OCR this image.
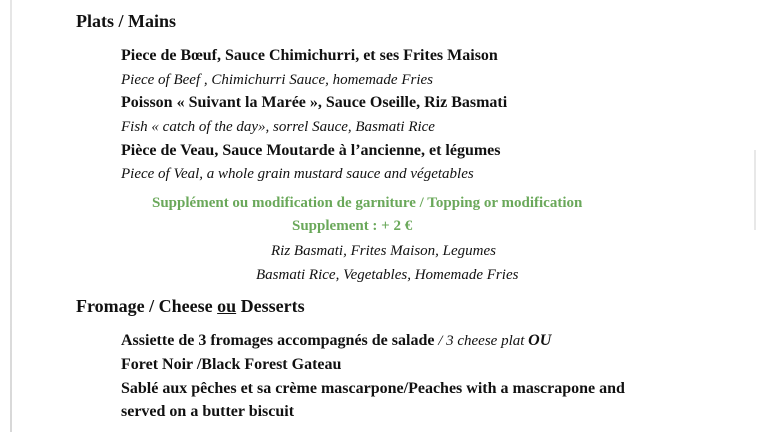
Plats / Mains
Piece de Bœuf, Sauce Chimichurri, et ses Frites Maison
Piece of Beef , Chimichurri Sauce, homemade Fries
Poisson « Suivant la Marée », Sauce Oseille, Riz Basmati
Fish « catch of the day», sorrel Sauce, Basmati Rice
Pièce de Veau, Sauce Moutarde à l’ancienne, et légumes
Piece of Veal, a whole grain mustard sauce and végetables
Supplément ou modification de garniture / Topping or modification
Supplement : + 2 €
Riz Basmati, Frites Maison, Legumes
Basmati Rice, Vegetables, Homemade Fries
Fromage / Cheese ou Desserts
Assiette de 3 fromages accompagnés de salade / 3 cheese plat OU
Foret Noir /Black Forest Gateau
Sablé aux pêches et sa crème mascarpone/Peaches with a mascrapone and
served on a butter biscuit
